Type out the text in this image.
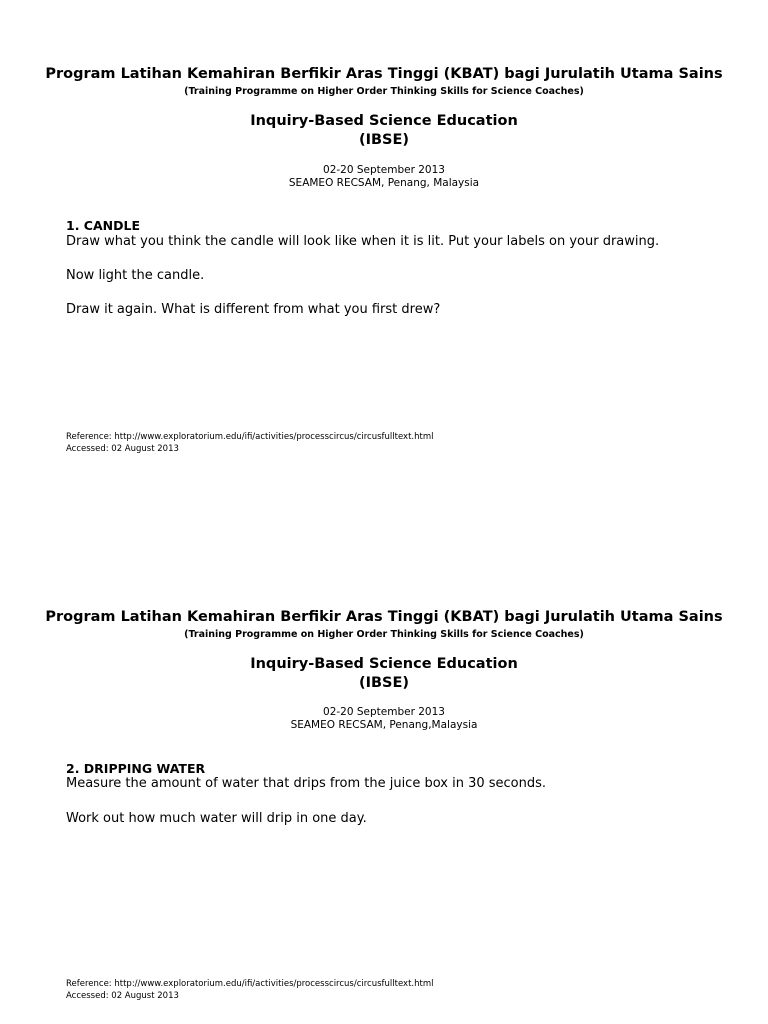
Program Latihan Kemahiran Berfikir Aras Tinggi (KBAT) bagi Jurulatih Utama Sains
(Training Programme on Higher Order Thinking Skills for Science Coaches)
Inquiry-Based Science Education
(IBSE)
02-20 September 2013
SEAMEO RECSAM, Penang, Malaysia
1. CANDLE
Draw what you think the candle will look like when it is lit. Put your labels on your drawing.
Now light the candle.
Draw it again. What is different from what you first drew?
Reference: http://www.exploratorium.edu/ifi/activities/processcircus/circusfulltext.html
Accessed: 02 August 2013
Program Latihan Kemahiran Berfikir Aras Tinggi (KBAT) bagi Jurulatih Utama Sains
(Training Programme on Higher Order Thinking Skills for Science Coaches)
Inquiry-Based Science Education
(IBSE)
02-20 September 2013
SEAMEO RECSAM, Penang,Malaysia
2. DRIPPING WATER
Measure the amount of water that drips from the juice box in 30 seconds.
Work out how much water will drip in one day.
Reference: http://www.exploratorium.edu/ifi/activities/processcircus/circusfulltext.html
Accessed: 02 August 2013
